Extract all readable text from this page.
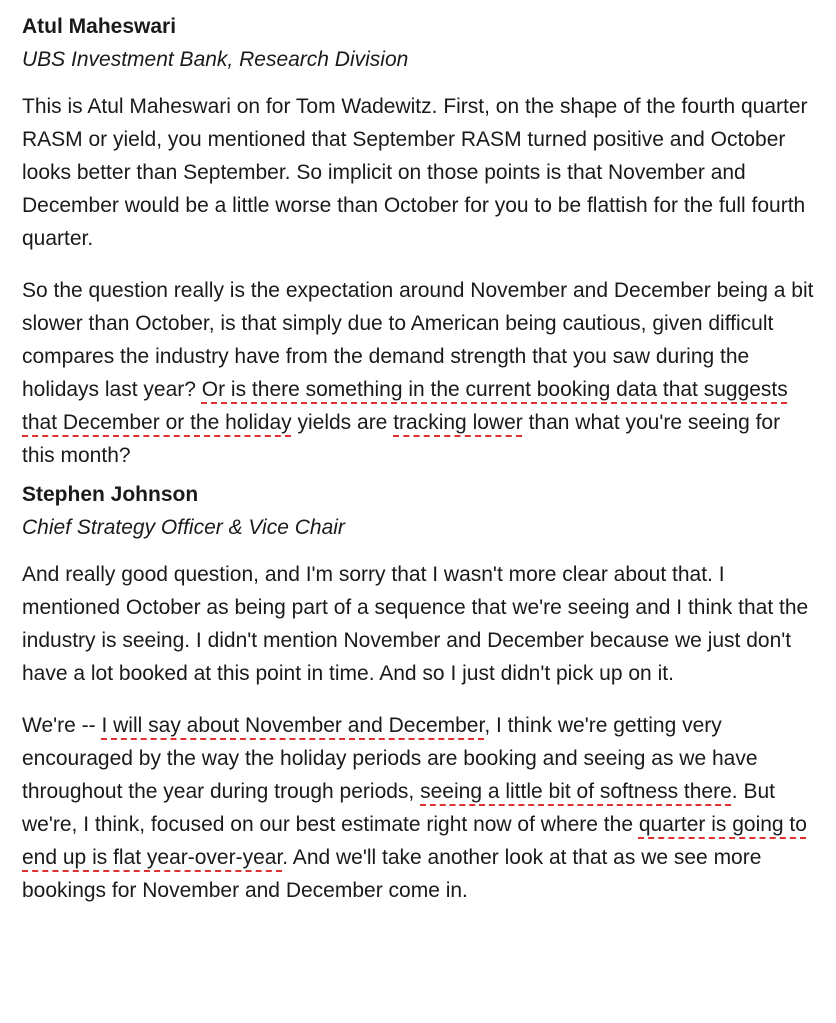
Atul Maheswari
UBS Investment Bank, Research Division
This is Atul Maheswari on for Tom Wadewitz. First, on the shape of the fourth quarter RASM or yield, you mentioned that September RASM turned positive and October looks better than September. So implicit on those points is that November and December would be a little worse than October for you to be flattish for the full fourth quarter.
So the question really is the expectation around November and December being a bit slower than October, is that simply due to American being cautious, given difficult compares the industry have from the demand strength that you saw during the holidays last year? Or is there something in the current booking data that suggests that December or the holiday yields are tracking lower than what you're seeing for this month?
Stephen Johnson
Chief Strategy Officer & Vice Chair
And really good question, and I'm sorry that I wasn't more clear about that. I mentioned October as being part of a sequence that we're seeing and I think that the industry is seeing. I didn't mention November and December because we just don't have a lot booked at this point in time. And so I just didn't pick up on it.
We're -- I will say about November and December, I think we're getting very encouraged by the way the holiday periods are booking and seeing as we have throughout the year during trough periods, seeing a little bit of softness there. But we're, I think, focused on our best estimate right now of where the quarter is going to end up is flat year-over-year. And we'll take another look at that as we see more bookings for November and December come in.
